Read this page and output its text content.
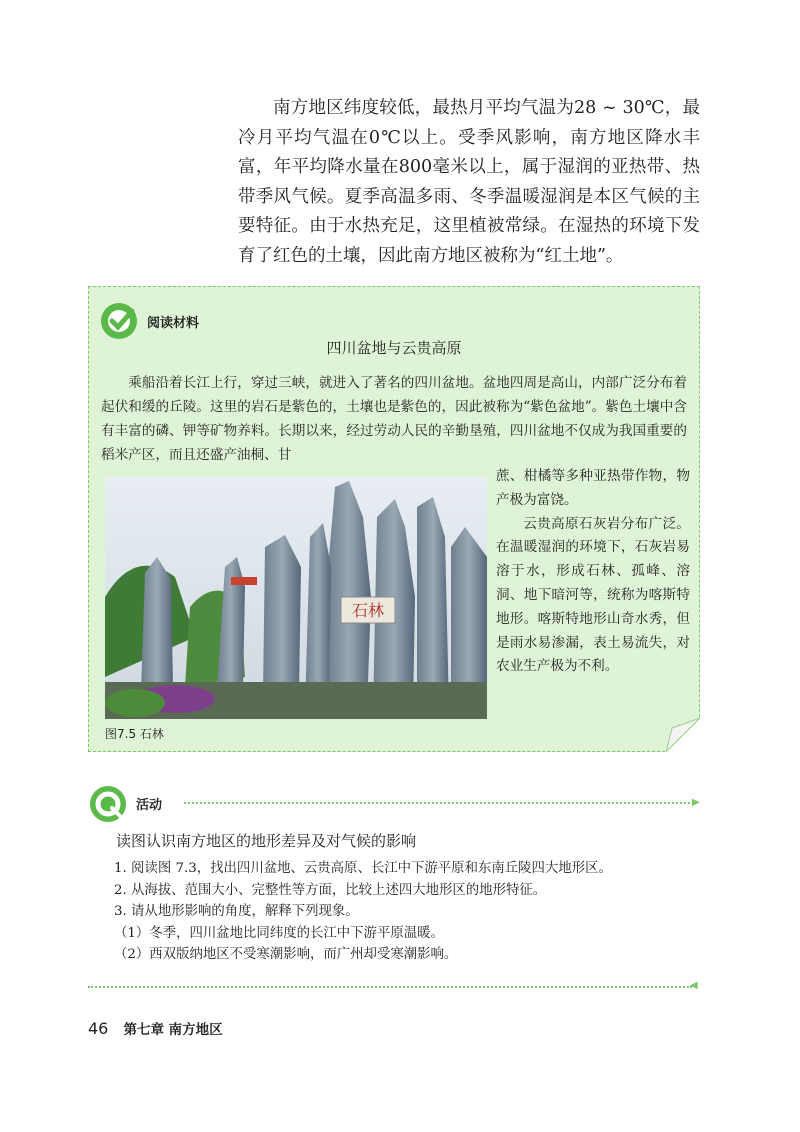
南方地区纬度较低，最热月平均气温为28 ~ 30℃，最冷月平均气温在0℃以上。受季风影响，南方地区降水丰富，年平均降水量在800毫米以上，属于湿润的亚热带、热带季风气候。夏季高温多雨、冬季温暖湿润是本区气候的主要特征。由于水热充足，这里植被常绿。在湿热的环境下发育了红色的土壤，因此南方地区被称为“红土地”。

阅读材料
四川盆地与云贵高原

乘船沿着长江上行，穿过三峡，就进入了著名的四川盆地。盆地四周是高山，内部广泛分布着起伏和缓的丘陵。这里的岩石是紫色的，土壤也是紫色的，因此被称为“紫色盆地”。紫色土壤中含有丰富的磷、钾等矿物养料。长期以来，经过劳动人民的辛勤垦殖，四川盆地不仅成为我国重要的稻米产区，而且还盛产油桐、甘

蔗、柑橘等多种亚热带作物，物产极为富饶。

云贵高原石灰岩分布广泛。在温暖湿润的环境下，石灰岩易溶于水，形成石林、孤峰、溶洞、地下暗河等，统称为喀斯特地形。喀斯特地形山奇水秀，但是雨水易渗漏，表土易流失，对农业生产极为不利。

石林
图7.5 石林
活动	▶
读图认识南方地区的地形差异及对气候的影响
1. 阅读图 7.3，找出四川盆地、云贵高原、长江中下游平原和东南丘陵四大地形区。
2. 从海拔、范围大小、完整性等方面，比较上述四大地形区的地形特征。
3. 请从地形影响的角度，解释下列现象。
（1）冬季，四川盆地比同纬度的长江中下游平原温暖。
（2）西双版纳地区不受寒潮影响，而广州却受寒潮影响。
◀
46 第七章 南方地区
